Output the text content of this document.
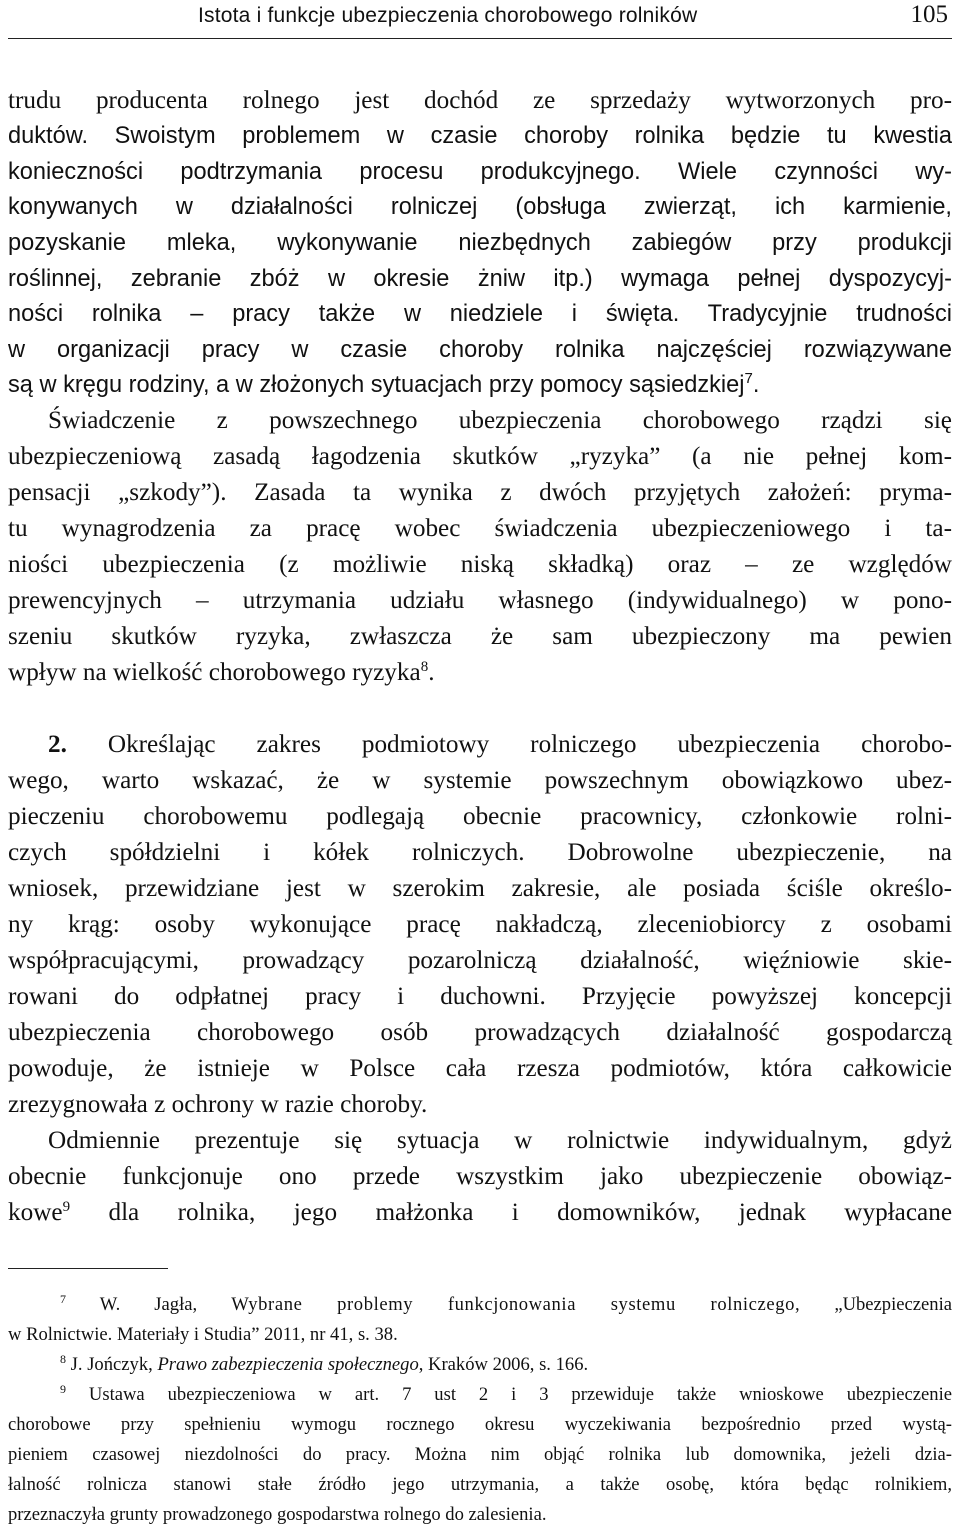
Istota i funkcje ubezpieczenia chorobowego rolników	105
trudu producenta rolnego jest dochód ze sprzedaży wytworzonych pro-
duktów. Swoistym problemem w czasie choroby rolnika będzie tu kwestia
konieczności podtrzymania procesu produkcyjnego. Wiele czynności wy-
konywanych w działalności rolniczej (obsługa zwierząt, ich karmienie,
pozyskanie mleka, wykonywanie niezbędnych zabiegów przy produkcji
roślinnej, zebranie zbóż w okresie żniw itp.) wymaga pełnej dyspozycyj-
ności rolnika – pracy także w niedziele i święta. Tradycyjnie trudności
w organizacji pracy w czasie choroby rolnika najczęściej rozwiązywane
są w kręgu rodziny, a w złożonych sytuacjach przy pomocy sąsiedzkiej$^7$.
Świadczenie z powszechnego ubezpieczenia chorobowego rządzi się
ubezpieczeniową zasadą łagodzenia skutków „ryzyka” (a nie pełnej kom-
pensacji „szkody”). Zasada ta wynika z dwóch przyjętych założeń: pryma-
tu wynagrodzenia za pracę wobec świadczenia ubezpieczeniowego i ta-
niości ubezpieczenia (z możliwie niską składką) oraz – ze względów
prewencyjnych – utrzymania udziału własnego (indywidualnego) w pono-
szeniu skutków ryzyka, zwłaszcza że sam ubezpieczony ma pewien
wpływ na wielkość chorobowego ryzyka$^8$.
2. Określając zakres podmiotowy rolniczego ubezpieczenia chorobo-
wego, warto wskazać, że w systemie powszechnym obowiązkowo ubez-
pieczeniu chorobowemu podlegają obecnie pracownicy, członkowie rolni-
czych spółdzielni i kółek rolniczych. Dobrowolne ubezpieczenie, na
wniosek, przewidziane jest w szerokim zakresie, ale posiada ściśle określo-
ny krąg: osoby wykonujące pracę nakładczą, zleceniobiorcy z osobami
współpracującymi, prowadzący pozarolniczą działalność, więźniowie skie-
rowani do odpłatnej pracy i duchowni. Przyjęcie powyższej koncepcji
ubezpieczenia chorobowego osób prowadzących działalność gospodarczą
powoduje, że istnieje w Polsce cała rzesza podmiotów, która całkowicie
zrezygnowała z ochrony w razie choroby.
Odmiennie prezentuje się sytuacja w rolnictwie indywidualnym, gdyż
obecnie funkcjonuje ono przede wszystkim jako ubezpieczenie obowiąz-
kowe$^9$ dla rolnika, jego małżonka i domowników, jednak wypłacane
$^7$ W. Jagła, Wybrane problemy funkcjonowania systemu rolniczego, „Ubezpieczenia
w Rolnictwie. Materiały i Studia” 2011, nr 41, s. 38.
$^8$ J. Jończyk, Prawo zabezpieczenia społecznego, Kraków 2006, s. 166.
$^9$ Ustawa ubezpieczeniowa w art. 7 ust 2 i 3 przewiduje także wnioskowe ubezpieczenie
chorobowe przy spełnieniu wymogu rocznego okresu wyczekiwania bezpośrednio przed wystą-
pieniem czasowej niezdolności do pracy. Można nim objąć rolnika lub domownika, jeżeli dzia-
łalność rolnicza stanowi stałe źródło jego utrzymania, a także osobę, która będąc rolnikiem,
przeznaczyła grunty prowadzonego gospodarstwa rolnego do zalesienia.
